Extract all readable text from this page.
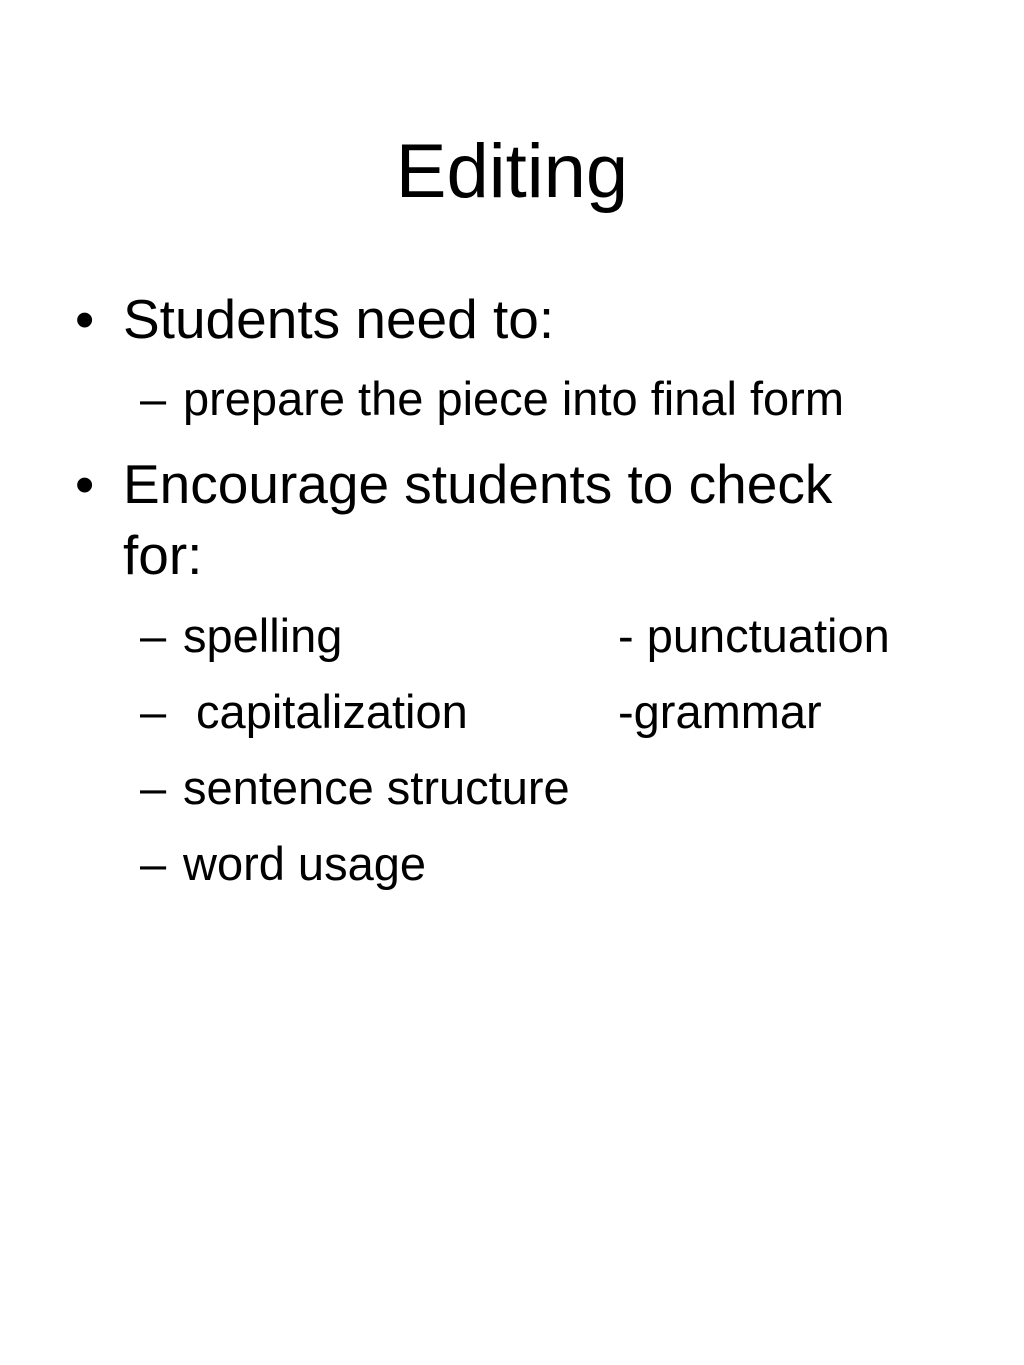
Editing
• Students need to:
– prepare the piece into final form
• Encourage students to check
for:
– spelling	- punctuation
– capitalization	-grammar
– sentence structure
– word usage
